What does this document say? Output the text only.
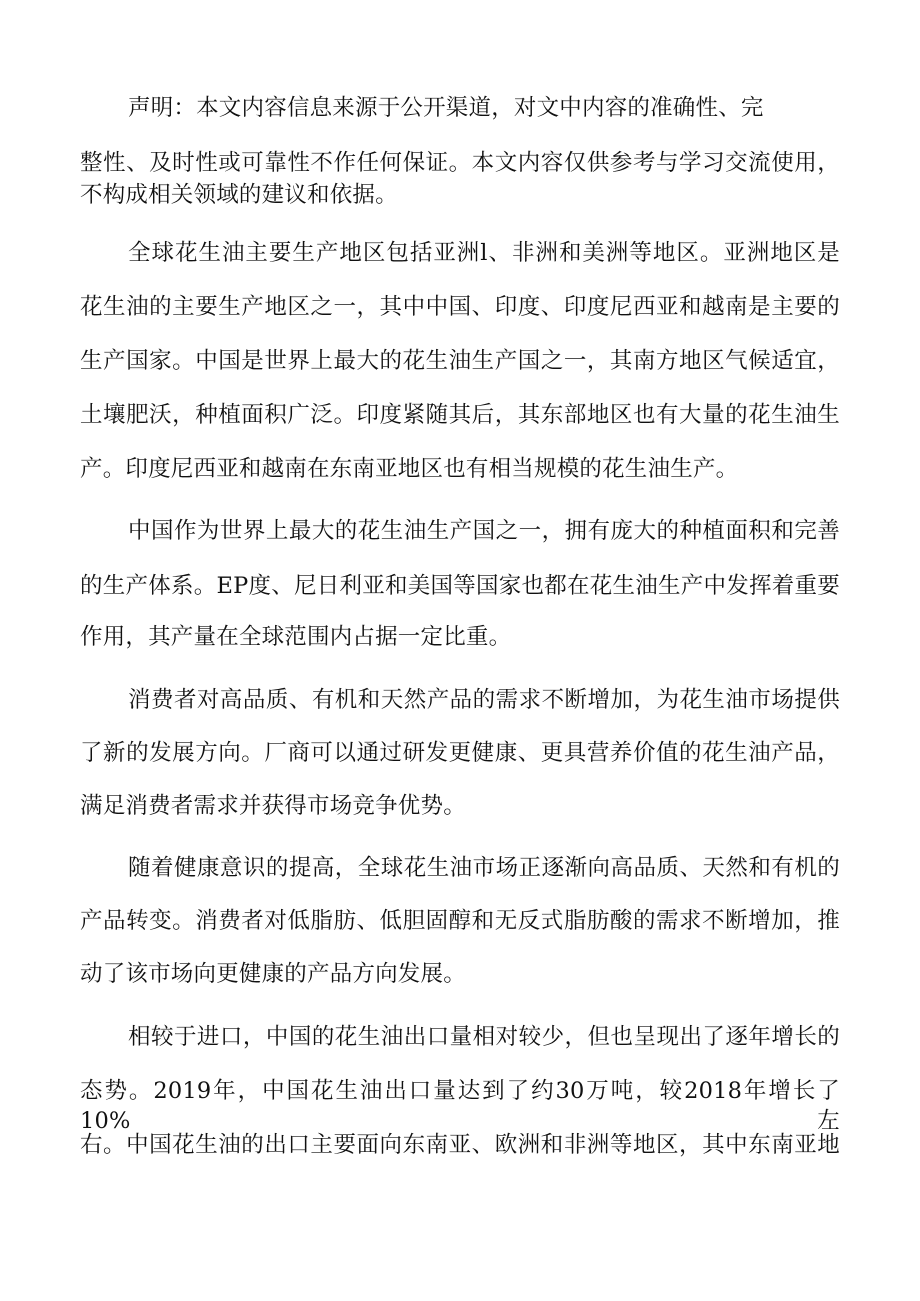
声明：本文内容信息来源于公开渠道，对文中内容的准确性、完
整性、及时性或可靠性不作任何保证。本文内容仅供参考与学习交流使用，
不构成相关领域的建议和依据。
全球花生油主要生产地区包括亚洲l、非洲和美洲等地区。亚洲地区是
花生油的主要生产地区之一，其中中国、印度、印度尼西亚和越南是主要的
生产国家。中国是世界上最大的花生油生产国之一，其南方地区气候适宜，
土壤肥沃，种植面积广泛。印度紧随其后，其东部地区也有大量的花生油生
产。印度尼西亚和越南在东南亚地区也有相当规模的花生油生产。
中国作为世界上最大的花生油生产国之一，拥有庞大的种植面积和完善
的生产体系。EP度、尼日利亚和美国等国家也都在花生油生产中发挥着重要
作用，其产量在全球范围内占据一定比重。
消费者对高品质、有机和天然产品的需求不断增加，为花生油市场提供
了新的发展方向。厂商可以通过研发更健康、更具营养价值的花生油产品，
满足消费者需求并获得市场竞争优势。
随着健康意识的提高，全球花生油市场正逐渐向高品质、天然和有机的
产品转变。消费者对低脂肪、低胆固醇和无反式脂肪酸的需求不断增加，推
动了该市场向更健康的产品方向发展。
相较于进口，中国的花生油出口量相对较少，但也呈现出了逐年增长的
态势。2019年，中国花生油出口量达到了约30万吨，较2018年增长了10%左
右。中国花生油的出口主要面向东南亚、欧洲和非洲等地区，其中东南亚地
